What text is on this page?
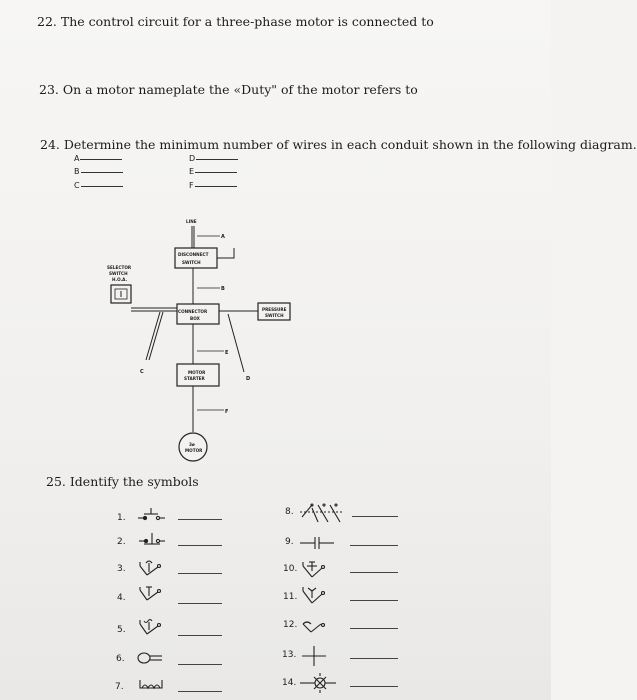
22. The control circuit for a three-phase motor is connected to
23. On a motor nameplate the «Duty" of the motor refers to
24. Determine the minimum number of wires in each conduit shown in the following diagram.
A
B
C
D
E
F
LINE
DISCONNECT
SWITCH
SELECTOR
SWITCH
H.O.A.
CONNECTOR
BOX
PRESSURE
SWITCH
MOTOR
STARTER
3ø
MOTOR
A
B
C
D
E
F
25. Identify the symbols
1.
2.
3.
4.
5.
6.
7.
8.
9.
10.
11.
12.
13.
14.
